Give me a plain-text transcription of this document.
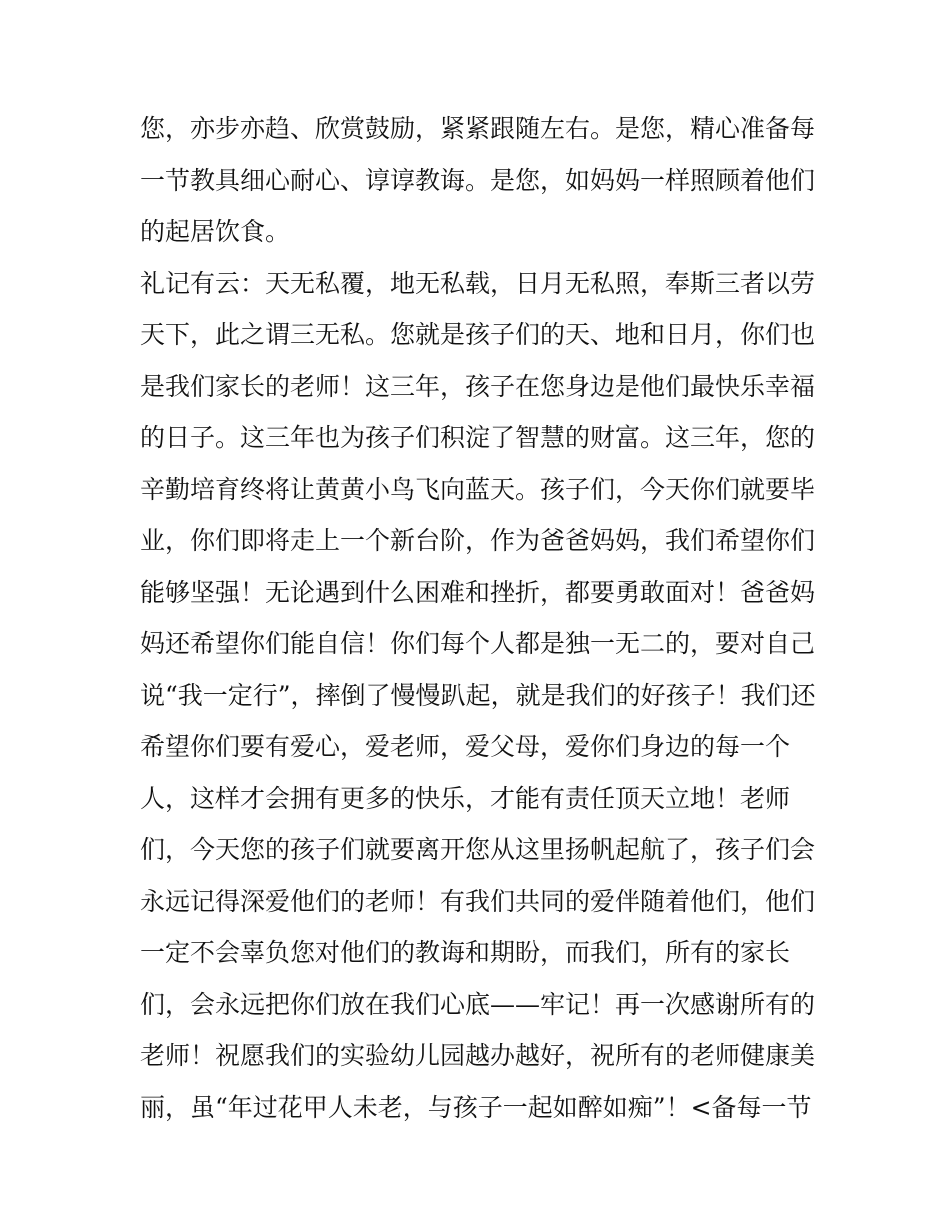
您，亦步亦趋、欣赏鼓励，紧紧跟随左右。是您，精心准备每
一节教具细心耐心、谆谆教诲。是您，如妈妈一样照顾着他们
的起居饮食。
礼记有云：天无私覆，地无私载，日月无私照，奉斯三者以劳
天下，此之谓三无私。您就是孩子们的天、地和日月，你们也
是我们家长的老师！这三年，孩子在您身边是他们最快乐幸福
的日子。这三年也为孩子们积淀了智慧的财富。这三年，您的
辛勤培育终将让黄黄小鸟飞向蓝天。孩子们，今天你们就要毕
业，你们即将走上一个新台阶，作为爸爸妈妈，我们希望你们
能够坚强！无论遇到什么困难和挫折，都要勇敢面对！爸爸妈
妈还希望你们能自信！你们每个人都是独一无二的，要对自己
说“我一定行”，摔倒了慢慢趴起，就是我们的好孩子！我们还
希望你们要有爱心，爱老师，爱父母，爱你们身边的每一个
人，这样才会拥有更多的快乐，才能有责任顶天立地！老师
们，今天您的孩子们就要离开您从这里扬帆起航了，孩子们会
永远记得深爱他们的老师！有我们共同的爱伴随着他们，他们
一定不会辜负您对他们的教诲和期盼，而我们，所有的家长
们，会永远把你们放在我们心底——牢记！再一次感谢所有的
老师！祝愿我们的实验幼儿园越办越好，祝所有的老师健康美
丽，虽“年过花甲人未老，与孩子一起如醉如痴”！<备每一节
